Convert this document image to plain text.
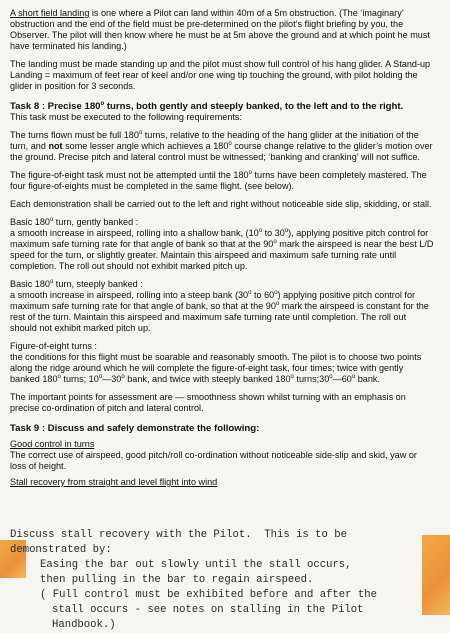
A short field landing is one where a Pilot can land within 40m of a 5m obstruction. (The ‘imaginary’ obstruction and the end of the field must be pre-determined on the pilot’s flight briefing by you, the Observer. The pilot will then know where he must be at 5m above the ground and at which point he must have terminated his landing.)

The landing must be made standing up and the pilot must show full control of his hang glider. A Stand-up Landing = maximum of feet rear of keel and/or one wing tip touching the ground, with pilot holding the glider in position for 3 seconds.

Task 8 : Precise 180$^o$ turns, both gently and steeply banked, to the left and to the right.

This task must be executed to the following requirements:

The turns flown must be full 180$^o$ turns, relative to the heading of the hang glider at the initiation of the turn, and not some lesser angle which achieves a 180$^o$ course change relative to the glider’s motion over the ground. Precise pitch and lateral control must be witnessed; ‘banking and cranking’ will not suffice.

The figure-of-eight task must not be attempted until the 180$^o$ turns have been completely mastered. The four figure-of-eights must be completed in the same flight. (see below).

Each demonstration shall be carried out to the left and right without noticeable side slip, skidding, or stall.

Basic 180$^o$ turn, gently banked :

a smooth increase in airspeed, rolling into a shallow bank, (10$^o$ to 30$^o$), applying positive pitch control for maximum safe turning rate for that angle of bank so that at the 90$^o$ mark the airspeed is near the best L/D speed for the turn, or slightly greater. Maintain this airspeed and maximum safe turning rate until completion. The roll out should not exhibit marked pitch up.

Basic 180$^o$ turn, steeply banked :

a smooth increase in airspeed, rolling into a steep bank (30$^o$ to 60$^o$) applying positive pitch control for maximum safe turning rate for that angle of bank, so that at the 90$^o$ mark the airspeed is constant for the rest of the turn. Maintain this airspeed and maximum safe turning rate until completion. The roll out should not exhibit marked pitch up.

Figure-of-eight turns :

the conditions for this flight must be soarable and reasonably smooth. The pilot is to choose two points along the ridge around which he will complete the figure-of-eight task, four times; twice with gently banked 180$^o$ turns; 10$^o$—30$^o$ bank, and twice with steeply banked 180$^o$ turns;30$^o$—60$^o$ bank.

The important points for assessment are — smoothness shown whilst turning with an emphasis on precise co-ordination of pitch and lateral control.

Task 9 : Discuss and safely demonstrate the following:

Good control in turns

The correct use of airspeed, good pitch/roll co-ordination without noticeable side-slip and skid, yaw or loss of height.

Stall recovery from straight and level flight into wind

Discuss stall recovery with the Pilot.  This is to be
demonstrated by:
Easing the bar out slowly until the stall occurs,
then pulling in the bar to regain airspeed.
( Full control must be exhibited before and after the
stall occurs - see notes on stalling in the Pilot
Handbook.)
